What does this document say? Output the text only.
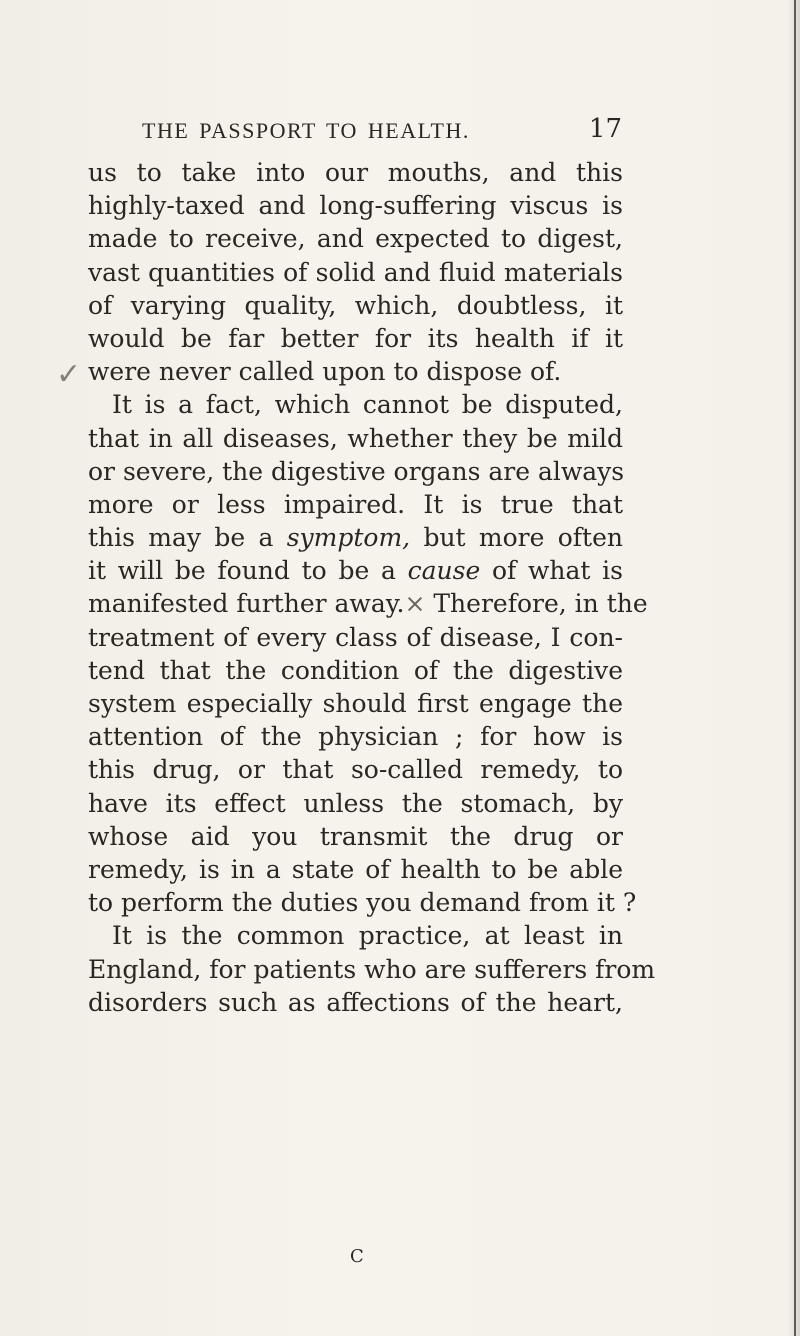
THE PASSPORT TO HEALTH.	17
✓
us to take into our mouths, and this
highly-taxed and long-suffering viscus is
made to receive, and expected to digest,
vast quantities of solid and fluid materials
of varying quality, which, doubtless, it
would be far better for its health if it
were never called upon to dispose of.
It is a fact, which cannot be disputed,
that in all diseases, whether they be mild
or severe, the digestive organs are always
more or less impaired. It is true that
this may be a symptom, but more often
it will be found to be a cause of what is
manifested further away.× Therefore, in the
treatment of every class of disease, I con-
tend that the condition of the digestive
system especially should first engage the
attention of the physician ; for how is
this drug, or that so-called remedy, to
have its effect unless the stomach, by
whose aid you transmit the drug or
remedy, is in a state of health to be able
to perform the duties you demand from it ?
It is the common practice, at least in
England, for patients who are sufferers from
disorders such as affections of the heart,
C
